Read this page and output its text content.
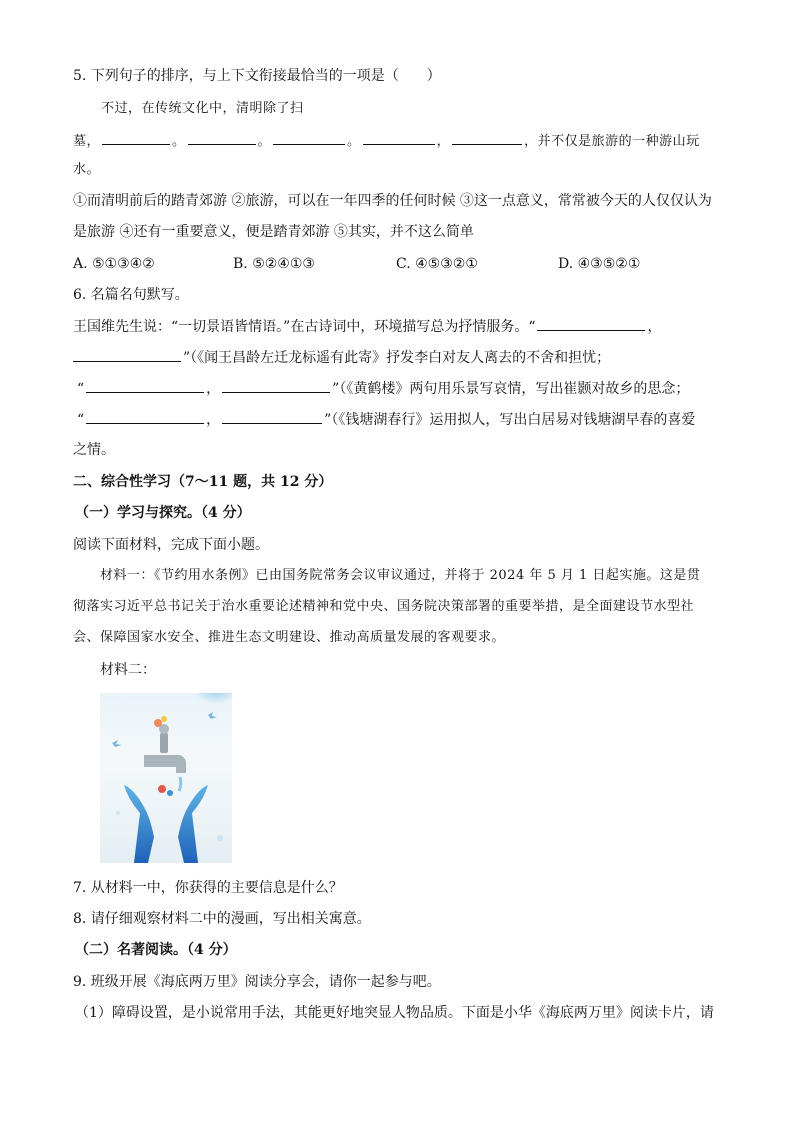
5. 下列句子的排序，与上下文衔接最恰当的一项是（　　）
不过，在传统文化中，清明除了扫
墓，	。	。	。	，	，并不仅是旅游的一种游山玩
水。
①而清明前后的踏青郊游 ②旅游，可以在一年四季的任何时候 ③这一点意义，常常被今天的人仅仅认为
是旅游 ④还有一重要意义，便是踏青郊游 ⑤其实，并不这么简单
A. ⑤①③④②	B. ⑤②④①③	C. ④⑤③②①	D. ④③⑤②①
6. 名篇名句默写。
王国维先生说：“一切景语皆情语。”在古诗词中，环境描写总为抒情服务。“	，
”（《闻王昌龄左迁龙标遥有此寄》抒发李白对友人离去的不舍和担忧；
“	，	”（《黄鹤楼》两句用乐景写哀情，写出崔颢对故乡的思念；
“	，	”（《钱塘湖春行》运用拟人，写出白居易对钱塘湖早春的喜爱
之情。
二、综合性学习（7～11 题，共 12 分）
（一）学习与探究。（4 分）
阅读下面材料，完成下面小题。
材料一：《节约用水条例》已由国务院常务会议审议通过，并将于 2024 年 5 月 1 日起实施。这是贯
彻落实习近平总书记关于治水重要论述精神和党中央、国务院决策部署的重要举措，是全面建设节水型社
会、保障国家水安全、推进生态文明建设、推动高质量发展的客观要求。
材料二：
7. 从材料一中，你获得的主要信息是什么？
8. 请仔细观察材料二中的漫画，写出相关寓意。
（二）名著阅读。（4 分）
9. 班级开展《海底两万里》阅读分享会，请你一起参与吧。
（1）障碍设置，是小说常用手法，其能更好地突显人物品质。下面是小华《海底两万里》阅读卡片，请
